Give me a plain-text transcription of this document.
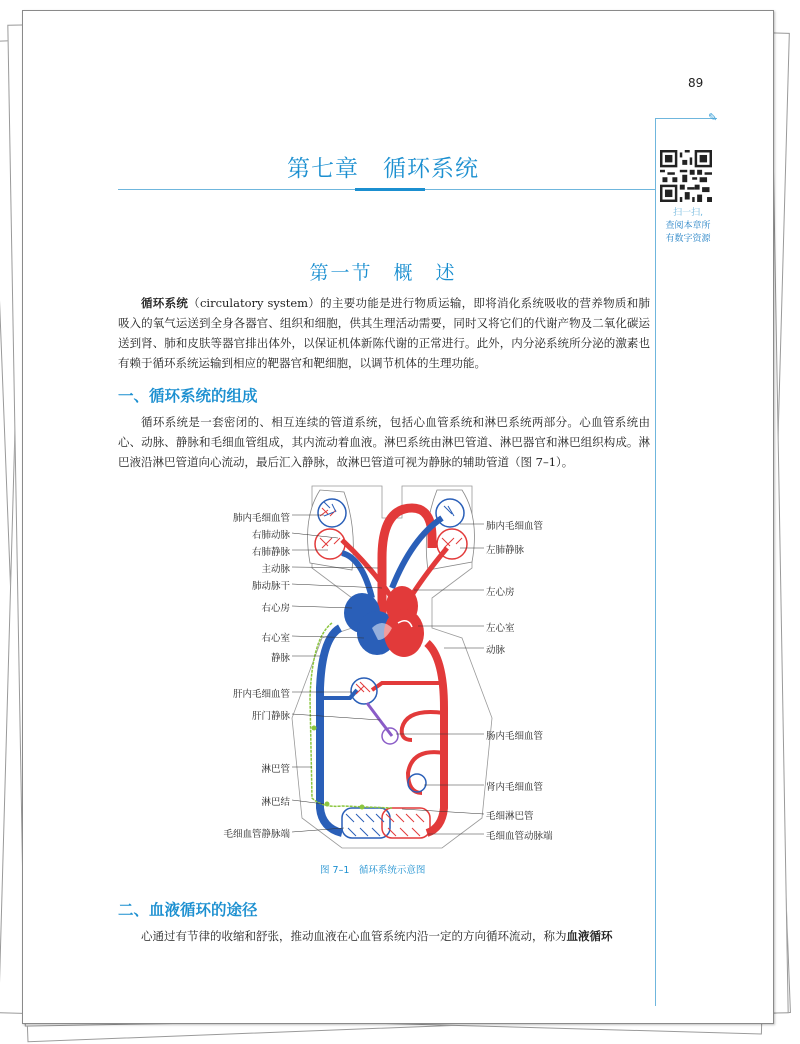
89
✎
扫一扫,
查阅本章所
有数字资源
第七章　循环系统
第一节　概　述

循环系统（circulatory system）的主要功能是进行物质运输，即将消化系统吸收的营养物质和肺吸入的氧气运送到全身各器官、组织和细胞，供其生理活动需要，同时又将它们的代谢产物及二氧化碳运送到肾、肺和皮肤等器官排出体外，以保证机体新陈代谢的正常进行。此外，内分泌系统所分泌的激素也有赖于循环系统运输到相应的靶器官和靶细胞，以调节机体的生理功能。

一、循环系统的组成

循环系统是一套密闭的、相互连续的管道系统，包括心血管系统和淋巴系统两部分。心血管系统由心、动脉、静脉和毛细血管组成，其内流动着血液。淋巴系统由淋巴管道、淋巴器官和淋巴组织构成。淋巴液沿淋巴管道向心流动，最后汇入静脉，故淋巴管道可视为静脉的辅助管道（图 7–1）。

肺内毛细血管
右肺动脉
右肺静脉
主动脉
肺动脉干
右心房
右心室
静脉
肝内毛细血管
肝门静脉
淋巴管
淋巴结
毛细血管静脉端
肺内毛细血管
左肺静脉
左心房
左心室
动脉
肠内毛细血管
肾内毛细血管
毛细淋巴管
毛细血管动脉端
图 7–1　循环系统示意图
二、血液循环的途径

心通过有节律的收缩和舒张，推动血液在心血管系统内沿一定的方向循环流动，称为血液循环
